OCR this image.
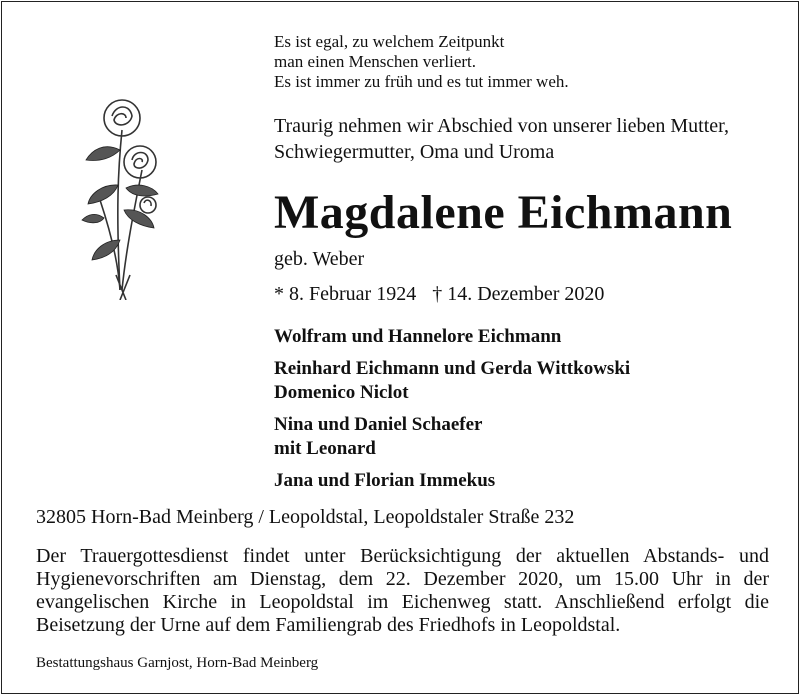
Es ist egal, zu welchem Zeitpunkt
man einen Menschen verliert.
Es ist immer zu früh und es tut immer weh.
Traurig nehmen wir Abschied von unserer lieben Mutter,
Schwiegermutter, Oma und Uroma
Magdalene Eichmann
geb. Weber
* 8. Februar 1924 † 14. Dezember 2020
Wolfram und Hannelore Eichmann
Reinhard Eichmann und Gerda Wittkowski
Domenico Niclot
Nina und Daniel Schaefer
mit Leonard
Jana und Florian Immekus
32805 Horn-Bad Meinberg / Leopoldstal, Leopoldstaler Straße 232
Der Trauergottesdienst findet unter Berücksichtigung der aktuellen Abstands- und
Hygienevorschriften am Dienstag, dem 22. Dezember 2020, um 15.00 Uhr in der
evangelischen Kirche in Leopoldstal im Eichenweg statt. Anschließend erfolgt die
Beisetzung der Urne auf dem Familiengrab des Friedhofs in Leopoldstal.
Bestattungshaus Garnjost, Horn-Bad Meinberg
